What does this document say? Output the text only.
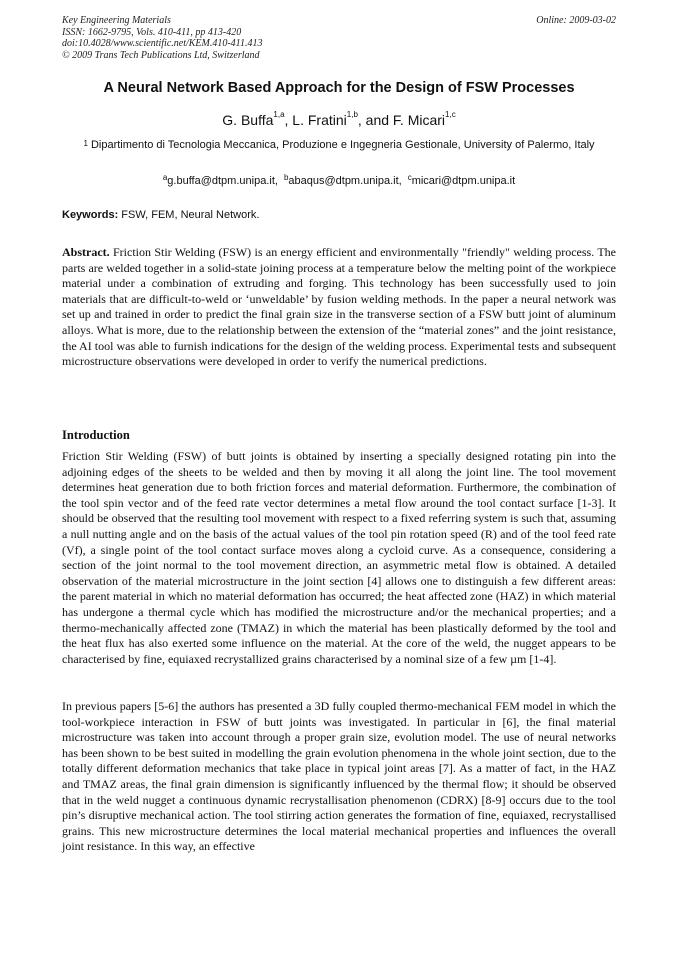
Key Engineering Materials
ISSN: 1662-9795, Vols. 410-411, pp 413-420
doi:10.4028/www.scientific.net/KEM.410-411.413
© 2009 Trans Tech Publications Ltd, Switzerland
Online: 2009-03-02
A Neural Network Based Approach for the Design of FSW Processes
G. Buffa$^{1,a}$, L. Fratini$^{1,b}$, and F. Micari$^{1,c}$
$^1$ Dipartimento di Tecnologia Meccanica, Produzione e Ingegneria Gestionale, University of Palermo, Italy
$^a$g.buffa@dtpm.unipa.it, $^b$abaqus@dtpm.unipa.it, $^c$micari@dtpm.unipa.it
Keywords: FSW, FEM, Neural Network.

Abstract. Friction Stir Welding (FSW) is an energy efficient and environmentally "friendly" welding process. The parts are welded together in a solid-state joining process at a temperature below the melting point of the workpiece material under a combination of extruding and forging. This technology has been successfully used to join materials that are difficult-to-weld or ‘unweldable’ by fusion welding methods. In the paper a neural network was set up and trained in order to predict the final grain size in the transverse section of a FSW butt joint of aluminum alloys. What is more, due to the relationship between the extension of the “material zones” and the joint resistance, the AI tool was able to furnish indications for the design of the welding process. Experimental tests and subsequent microstructure observations were developed in order to verify the numerical predictions.

Introduction

Friction Stir Welding (FSW) of butt joints is obtained by inserting a specially designed rotating pin into the adjoining edges of the sheets to be welded and then by moving it all along the joint line. The tool movement determines heat generation due to both friction forces and material deformation. Furthermore, the combination of the tool spin vector and of the feed rate vector determines a metal flow around the tool contact surface [1-3]. It should be observed that the resulting tool movement with respect to a fixed referring system is such that, assuming a null nutting angle and on the basis of the actual values of the tool pin rotation speed (R) and of the tool feed rate (Vf), a single point of the tool contact surface moves along a cycloid curve. As a consequence, considering a section of the joint normal to the tool movement direction, an asymmetric metal flow is obtained. A detailed observation of the material microstructure in the joint section [4] allows one to distinguish a few different areas: the parent material in which no material deformation has occurred; the heat affected zone (HAZ) in which material has undergone a thermal cycle which has modified the microstructure and/or the mechanical properties; and a thermo-mechanically affected zone (TMAZ) in which the material has been plastically deformed by the tool and the heat flux has also exerted some influence on the material. At the core of the weld, the nugget appears to be characterised by fine, equiaxed recrystallized grains characterised by a nominal size of a few µm [1-4].

In previous papers [5-6] the authors has presented a 3D fully coupled thermo-mechanical FEM model in which the tool-workpiece interaction in FSW of butt joints was investigated. In particular in [6], the final material microstructure was taken into account through a proper grain size, evolution model. The use of neural networks has been shown to be best suited in modelling the grain evolution phenomena in the whole joint section, due to the totally different deformation mechanics that take place in typical joint areas [7]. As a matter of fact, in the HAZ and TMAZ areas, the final grain dimension is significantly influenced by the thermal flow; it should be observed that in the weld nugget a continuous dynamic recrystallisation phenomenon (CDRX) [8-9] occurs due to the tool pin’s disruptive mechanical action. The tool stirring action generates the formation of fine, equiaxed, recrystallised grains. This new microstructure determines the local material mechanical properties and influences the overall joint resistance. In this way, an effective
